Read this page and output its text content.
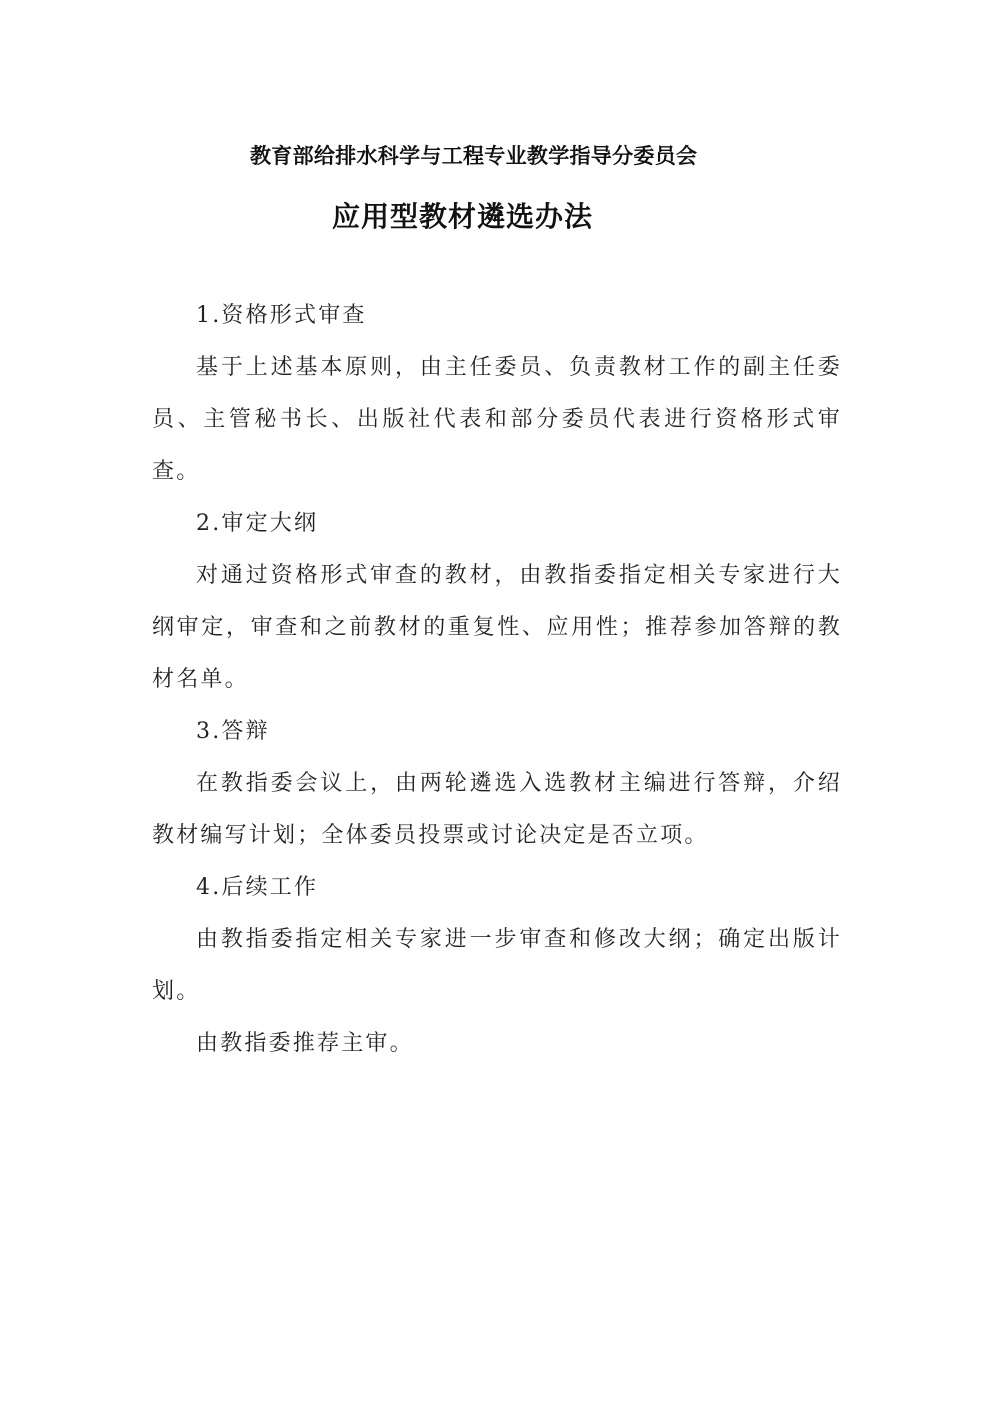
教育部给排水科学与工程专业教学指导分委员会
应用型教材遴选办法

1.资格形式审查

基于上述基本原则，由主任委员、负责教材工作的副主任委员、主管秘书长、出版社代表和部分委员代表进行资格形式审查。

2.审定大纲

对通过资格形式审查的教材，由教指委指定相关专家进行大纲审定，审查和之前教材的重复性、应用性；推荐参加答辩的教材名单。

3.答辩

在教指委会议上，由两轮遴选入选教材主编进行答辩，介绍教材编写计划；全体委员投票或讨论决定是否立项。

4.后续工作

由教指委指定相关专家进一步审查和修改大纲；确定出版计划。

由教指委推荐主审。
